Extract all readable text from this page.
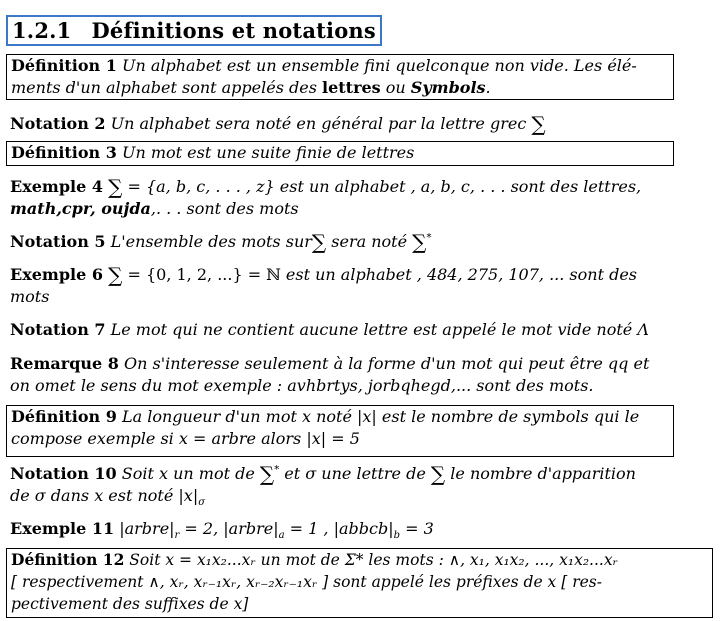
1.2.1 Définitions et notations
Définition 1 Un alphabet est un ensemble fini quelconque non vide. Les élé-
ments d'un alphabet sont appelés des lettres ou Symbols.
Notation 2 Un alphabet sera noté en général par la lettre grec ∑
Définition 3 Un mot est une suite finie de lettres
Exemple 4 ∑ = {a, b, c, . . . , z} est un alphabet , a, b, c, . . . sont des lettres,
math,cpr, oujda,. . . sont des mots
Notation 5 L'ensemble des mots sur∑ sera noté ∑*
Exemple 6 ∑ = {0, 1, 2, ...} = ℕ est un alphabet , 484, 275, 107, ... sont des
mots
Notation 7 Le mot qui ne contient aucune lettre est appelé le mot vide noté Λ
Remarque 8 On s'interesse seulement à la forme d'un mot qui peut être qq et
on omet le sens du mot exemple : avhbrtys, jorbqhegd,... sont des mots.
Définition 9 La longueur d'un mot x noté |x| est le nombre de symbols qui le
compose exemple si x = arbre alors |x| = 5
Notation 10 Soit x un mot de ∑* et σ une lettre de ∑ le nombre d'apparition
de σ dans x est noté $|x|_\sigma$
Exemple 11 $|arbre|_r = 2$, $|arbre|_a = 1$ , $|abbcb|_b = 3$
Définition 12 Soit x = x₁x₂...xᵣ un mot de Σ* les mots : ∧, x₁, x₁x₂, ..., x₁x₂...xᵣ
[ respectivement ∧, xᵣ, xᵣ₋₁xᵣ, xᵣ₋₂xᵣ₋₁xᵣ ] sont appelé les préfixes de x [ res-
pectivement des suffixes de x]
